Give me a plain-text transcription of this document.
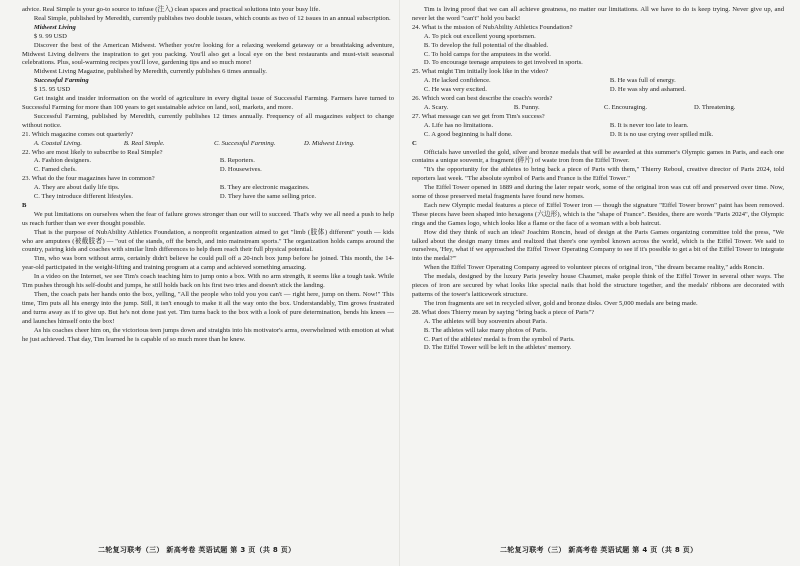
advice. Real Simple is your go-to source to infuse (注入) clean spaces and practical solutions into your busy life.

Real Simple, published by Meredith, currently publishes two double issues, which counts as two of 12 issues in an annual subscription.

Midwest Living

$ 9. 99 USD

Discover the best of the American Midwest. Whether you're looking for a relaxing weekend getaway or a breathtaking adventure, Midwest Living delivers the inspiration to get you packing. You'll also get a local eye on the best restaurants and must-visit seasonal celebrations. Plus, soul-warming recipes you'll love, gardening tips and so much more!

Midwest Living Magazine, published by Meredith, currently publishes 6 times annually.

Successful Farming

$ 15. 95 USD

Get insight and insider information on the world of agriculture in every digital issue of Successful Farming. Farmers have turned to Successful Farming for more than 100 years to get sustainable advice on land, soil, markets, and more.

Successful Farming, published by Meredith, currently publishes 12 times annually. Frequency of all magazines subject to change without notice.

21. Which magazine comes out quarterly?

A. Coastal Living.	B. Real Simple.	C. Successful Farming.	D. Midwest Living.

22. Who are most likely to subscribe to Real Simple?

A. Fashion designers.	B. Reporters.
C. Famed chefs.	D. Housewives.

23. What do the four magazines have in common?

A. They are about daily life tips.	B. They are electronic magazines.
C. They introduce different lifestyles.	D. They have the same selling price.

B

We put limitations on ourselves when the fear of failure grows stronger than our will to succeed. That's why we all need a push to help us reach further than we ever thought possible.

That is the purpose of NubAbility Athletics Foundation, a nonprofit organization aimed to get "limb (肢体) different" youth — kids who are amputees (被截肢者) — "out of the stands, off the bench, and into mainstream sports." The organization holds camps around the country, pairing kids and coaches with similar limb differences to help them reach their full physical potential.

Tim, who was born without arms, certainly didn't believe he could pull off a 20-inch box jump before he joined. This month, the 14-year-old participated in the weight-lifting and training program at a camp and achieved something amazing.

In a video on the Internet, we see Tim's coach teaching him to jump onto a box. With no arm strength, it seems like a tough task. While Tim pushes through his self-doubt and jumps, he still holds back on his first two tries and doesn't stick the landing.

Then, the coach pats her hands onto the box, yelling, "All the people who told you you can't — right here, jump on them. Now!" This time, Tim puts all his energy into the jump. Still, it isn't enough to make it all the way onto the box. Understandably, Tim grows frustrated and turns away as if to give up. But he's not done just yet. Tim turns back to the box with a look of pure determination, bends his knees — and launches himself onto the box!

As his coaches cheer him on, the victorious teen jumps down and straights into his motivator's arms, overwhelmed with emotion at what he just achieved. That day, Tim learned he is capable of so much more than he knew.

二轮复习联考（三） 新高考卷 英语试题 第 3 页（共 8 页）

Tim is living proof that we can all achieve greatness, no matter our limitations. All we have to do is keep trying. Never give up, and never let the word "can't" hold you back!

24. What is the mission of NubAbility Athletics Foundation?

A. To pick out excellent young sportsmen.

B. To develop the full potential of the disabled.

C. To hold camps for the amputees in the world.

D. To encourage teenage amputees to get involved in sports.

25. What might Tim initially look like in the video?

A. He lacked confidence.	B. He was full of energy.
C. He was very excited.	D. He was shy and ashamed.

26. Which word can best describe the coach's words?

A. Scary.	B. Funny.	C. Encouraging.	D. Threatening.

27. What message can we get from Tim's success?

A. Life has no limitations.	B. It is never too late to learn.
C. A good beginning is half done.	D. It is no use crying over spilled milk.

C

Officials have unveiled the gold, silver and bronze medals that will be awarded at this summer's Olympic games in Paris, and each one contains a unique souvenir, a fragment (碎片) of waste iron from the Eiffel Tower.

"It's the opportunity for the athletes to bring back a piece of Paris with them," Thierry Reboul, creative director of Paris 2024, told reporters last week. "The absolute symbol of Paris and France is the Eiffel Tower."

The Eiffel Tower opened in 1889 and during the later repair work, some of the original iron was cut off and preserved over time. Now, some of those preserved metal fragments have found new homes.

Each new Olympic medal features a piece of Eiffel Tower iron — though the signature "Eiffel Tower brown" paint has been removed. These pieces have been shaped into hexagons (六边形), which is the "shape of France". Besides, there are words "Paris 2024", the Olympic rings and the Games logo, which looks like a flame or the face of a woman with a bob haircut.

How did they think of such an idea? Joachim Roncin, head of design at the Paris Games organizing committee told the press, "We talked about the design many times and realized that there's one symbol known across the world, which is the Eiffel Tower. We said to ourselves, 'Hey, what if we approached the Eiffel Tower Operating Company to see if it's possible to get a bit of the Eiffel Tower to integrate into the medal?'"

When the Eiffel Tower Operating Company agreed to volunteer pieces of original iron, "the dream became reality," adds Roncin.

The medals, designed by the luxury Paris jewelry house Chaumet, make people think of the Eiffel Tower in several other ways. The pieces of iron are secured by what looks like special nails that hold the structure together, and the medals' ribbons are decorated with patterns of the tower's latticework structure.

The iron fragments are set in recycled silver, gold and bronze disks. Over 5,000 medals are being made.

28. What does Thierry mean by saying "bring back a piece of Paris"?

A. The athletes will buy souvenirs about Paris.

B. The athletes will take many photos of Paris.

C. Part of the athletes' medal is from the symbol of Paris.

D. The Eiffel Tower will be left in the athletes' memory.

二轮复习联考（三） 新高考卷 英语试题 第 4 页（共 8 页）
